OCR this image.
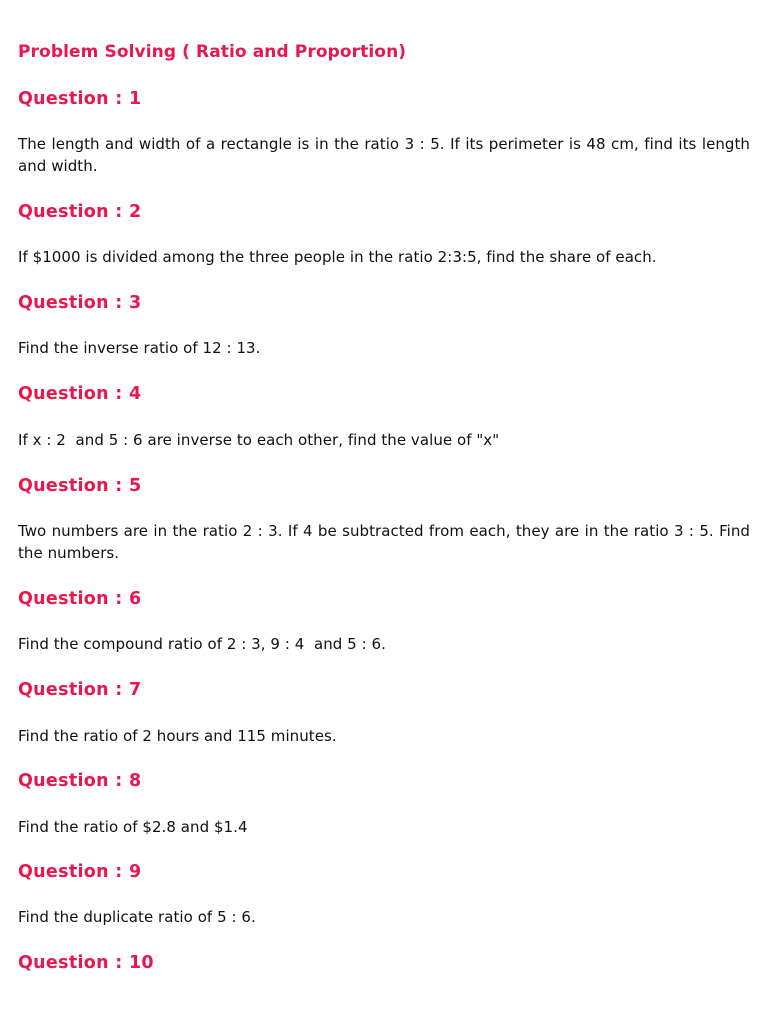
Problem Solving ( Ratio and Proportion)
Question : 1

The length and width of a rectangle is in the ratio 3 : 5. If its perimeter is 48 cm, find its length and width.

Question : 2

If $1000 is divided among the three people in the ratio 2:3:5, find the share of each.

Question : 3

Find the inverse ratio of 12 : 13.

Question : 4

If x : 2  and 5 : 6 are inverse to each other, find the value of "x"

Question : 5

Two numbers are in the ratio 2 : 3. If 4 be subtracted from each, they are in the ratio 3 : 5. Find the numbers.

Question : 6

Find the compound ratio of 2 : 3, 9 : 4  and 5 : 6.

Question : 7

Find the ratio of 2 hours and 115 minutes.

Question : 8

Find the ratio of $2.8 and $1.4

Question : 9

Find the duplicate ratio of 5 : 6.

Question : 10
